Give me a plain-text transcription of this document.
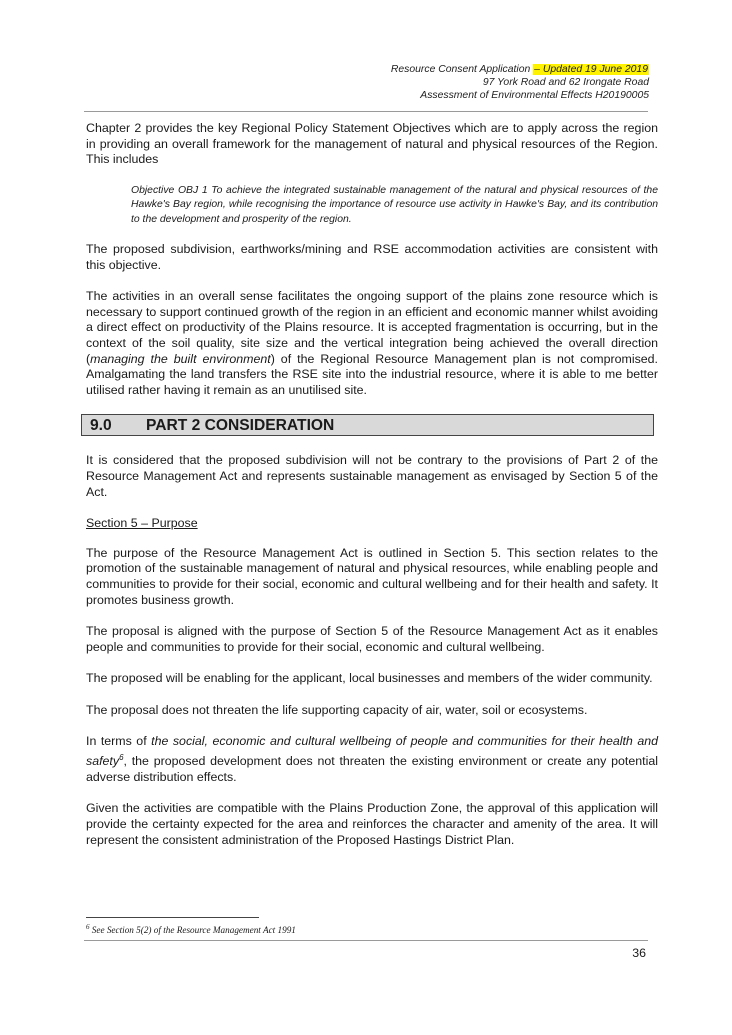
Resource Consent Application – Updated 19 June 2019
97 York Road and 62 Irongate Road
Assessment of Environmental Effects H20190005

Chapter 2 provides the key Regional Policy Statement Objectives which are to apply across the region in providing an overall framework for the management of natural and physical resources of the Region. This includes

Objective OBJ 1 To achieve the integrated sustainable management of the natural and physical resources of the Hawke's Bay region, while recognising the importance of resource use activity in Hawke's Bay, and its contribution to the development and prosperity of the region.

The proposed subdivision, earthworks/mining and RSE accommodation activities are consistent with this objective.

The activities in an overall sense facilitates the ongoing support of the plains zone resource which is necessary to support continued growth of the region in an efficient and economic manner whilst avoiding a direct effect on productivity of the Plains resource. It is accepted fragmentation is occurring, but in the context of the soil quality, site size and the vertical integration being achieved the overall direction (managing the built environment) of the Regional Resource Management plan is not compromised. Amalgamating the land transfers the RSE site into the industrial resource, where it is able to me better utilised rather having it remain as an unutilised site.

9.0 PART 2 CONSIDERATION

It is considered that the proposed subdivision will not be contrary to the provisions of Part 2 of the Resource Management Act and represents sustainable management as envisaged by Section 5 of the Act.

Section 5 – Purpose

The purpose of the Resource Management Act is outlined in Section 5. This section relates to the promotion of the sustainable management of natural and physical resources, while enabling people and communities to provide for their social, economic and cultural wellbeing and for their health and safety. It promotes business growth.

The proposal is aligned with the purpose of Section 5 of the Resource Management Act as it enables people and communities to provide for their social, economic and cultural wellbeing.

The proposed will be enabling for the applicant, local businesses and members of the wider community.

The proposal does not threaten the life supporting capacity of air, water, soil or ecosystems.

In terms of the social, economic and cultural wellbeing of people and communities for their health and safety$^6$, the proposed development does not threaten the existing environment or create any potential adverse distribution effects.

Given the activities are compatible with the Plains Production Zone, the approval of this application will provide the certainty expected for the area and reinforces the character and amenity of the area. It will represent the consistent administration of the Proposed Hastings District Plan.

$^6$ See Section 5(2) of the Resource Management Act 1991
36
